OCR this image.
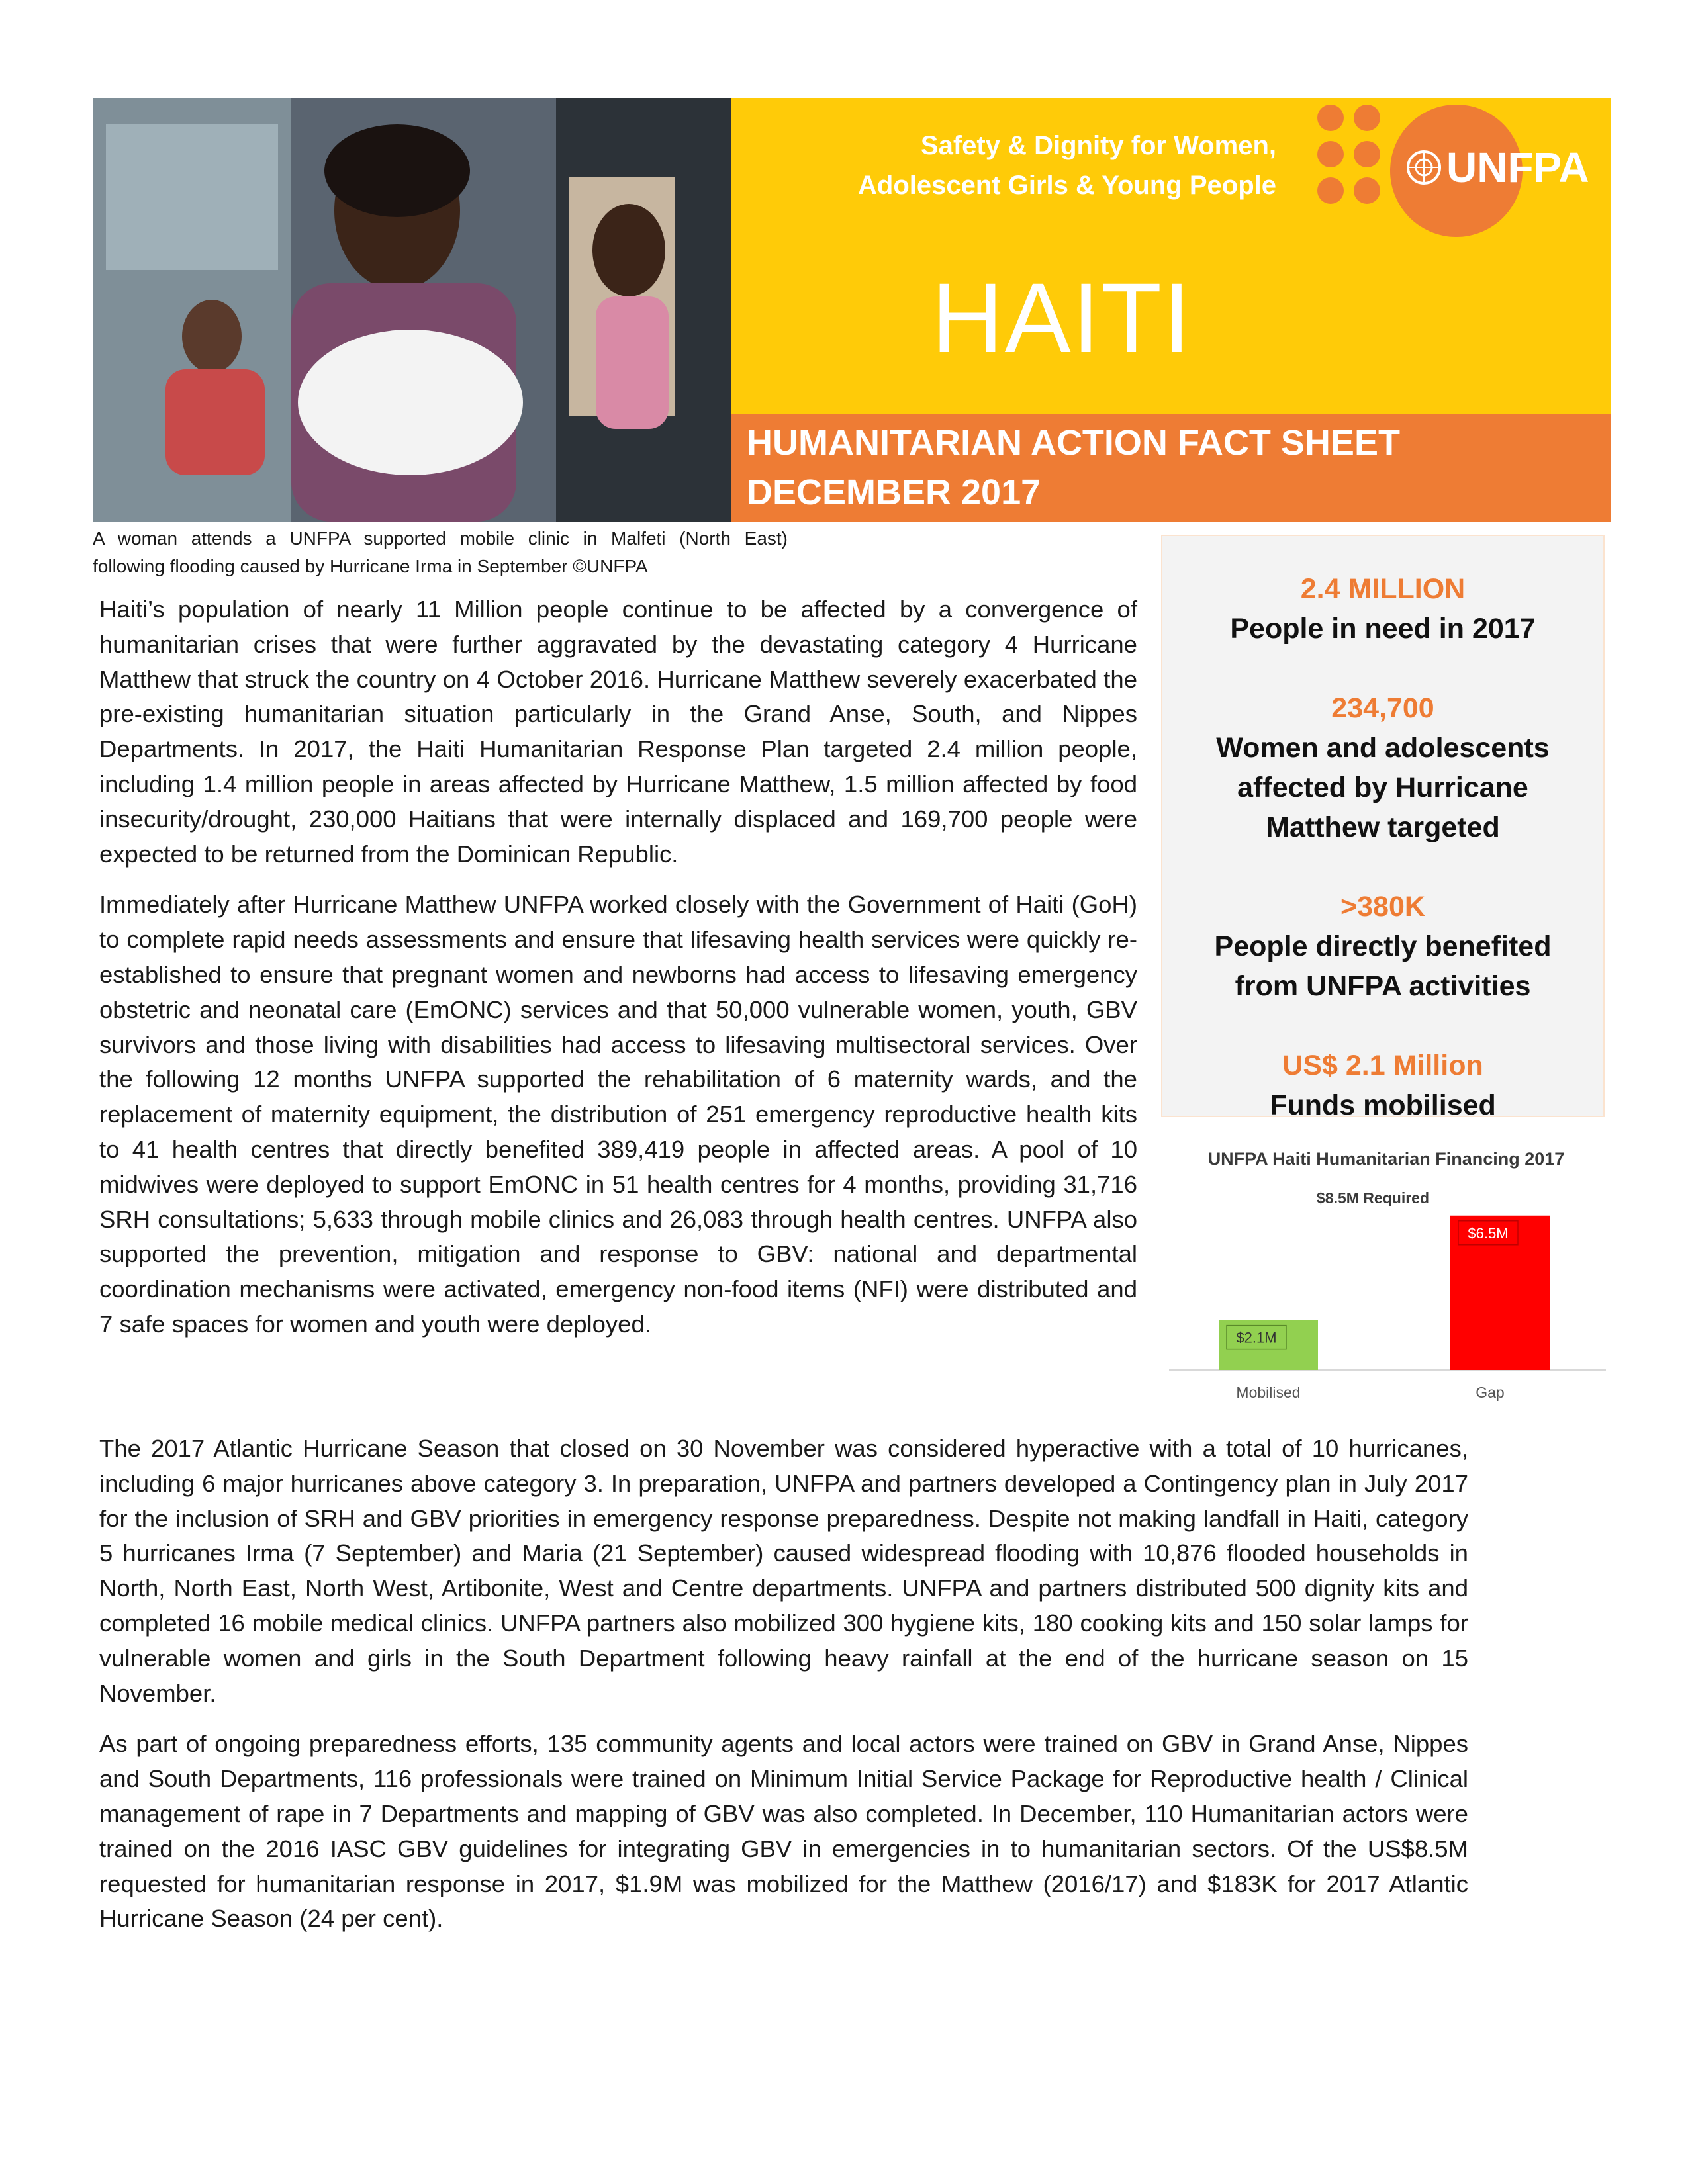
Safety & Dignity for Women,
Adolescent Girls & Young People
HAITI
UNFPA
HUMANITARIAN ACTION FACT SHEET
DECEMBER 2017
A woman attends a UNFPA supported mobile clinic in Malfeti (North East)
following flooding caused by Hurricane Irma in September ©UNFPA

Haiti’s population of nearly 11 Million people continue to be affected by a convergence of humanitarian crises that were further aggravated by the devastating category 4 Hurricane Matthew that struck the country on 4 October 2016. Hurricane Matthew severely exacerbated the pre-existing humanitarian situation particularly in the Grand Anse, South, and Nippes Departments. In 2017, the Haiti Humanitarian Response Plan targeted 2.4 million people, including 1.4 million people in areas affected by Hurricane Matthew, 1.5 million affected by food insecurity/drought, 230,000 Haitians that were internally displaced and 169,700 people were expected to be returned from the Dominican Republic.

Immediately after Hurricane Matthew UNFPA worked closely with the Government of Haiti (GoH) to complete rapid needs assessments and ensure that lifesaving health services were quickly re-established to ensure that pregnant women and newborns had access to lifesaving emergency obstetric and neonatal care (EmONC) services and that 50,000 vulnerable women, youth, GBV survivors and those living with disabilities had access to lifesaving multisectoral services. Over the following 12 months UNFPA supported the rehabilitation of 6 maternity wards, and the replacement of maternity equipment, the distribution of 251 emergency reproductive health kits to 41 health centres that directly benefited 389,419 people in affected areas. A pool of 10 midwives were deployed to support EmONC in 51 health centres for 4 months, providing 31,716 SRH consultations; 5,633 through mobile clinics and 26,083 through health centres. UNFPA also supported the prevention, mitigation and response to GBV: national and departmental coordination mechanisms were activated, emergency non-food items (NFI) were distributed and 7 safe spaces for women and youth were deployed.

2.4 MILLION
People in need in 2017
234,700
Women and adolescents affected by Hurricane Matthew targeted
>380K
People directly benefited from UNFPA activities
US$ 2.1 Million
Funds mobilised
UNFPA Haiti Humanitarian Financing 2017
$8.5M Required
$2.1M
Mobilised
$6.5M
Gap

The 2017 Atlantic Hurricane Season that closed on 30 November was considered hyperactive with a total of 10 hurricanes, including 6 major hurricanes above category 3. In preparation, UNFPA and partners developed a Contingency plan in July 2017 for the inclusion of SRH and GBV priorities in emergency response preparedness. Despite not making landfall in Haiti, category 5 hurricanes Irma (7 September) and Maria (21 September) caused widespread flooding with 10,876 flooded households in North, North East, North West, Artibonite, West and Centre departments. UNFPA and partners distributed 500 dignity kits and completed 16 mobile medical clinics. UNFPA partners also mobilized 300 hygiene kits, 180 cooking kits and 150 solar lamps for vulnerable women and girls in the South Department following heavy rainfall at the end of the hurricane season on 15 November.

As part of ongoing preparedness efforts, 135 community agents and local actors were trained on GBV in Grand Anse, Nippes and South Departments, 116 professionals were trained on Minimum Initial Service Package for Reproductive health / Clinical management of rape in 7 Departments and mapping of GBV was also completed. In December, 110 Humanitarian actors were trained on the 2016 IASC GBV guidelines for integrating GBV in emergencies in to humanitarian sectors. Of the US$8.5M requested for humanitarian response in 2017, $1.9M was mobilized for the Matthew (2016/17) and $183K for 2017 Atlantic Hurricane Season (24 per cent).
